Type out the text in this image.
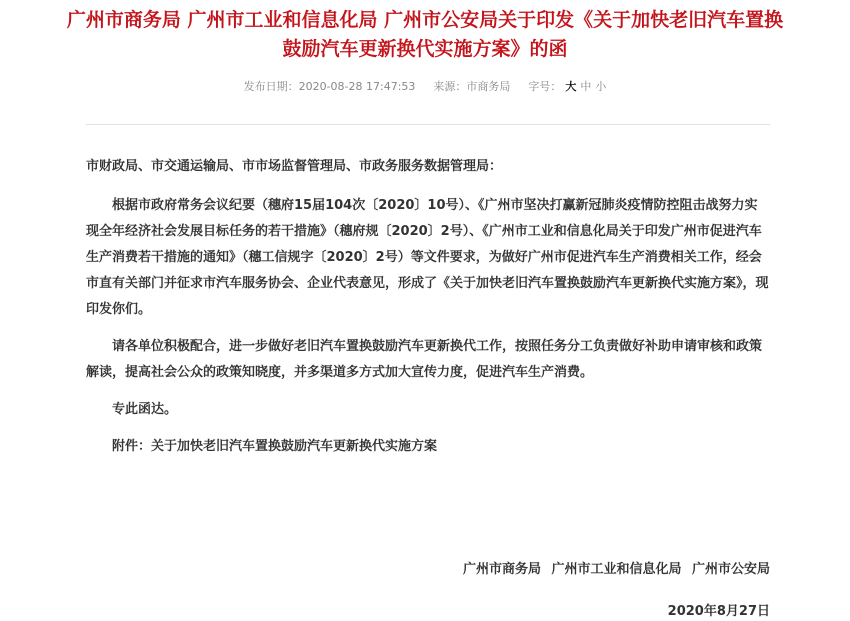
广州市商务局 广州市工业和信息化局 广州市公安局关于印发《关于加快老旧汽车置换鼓励汽车更新换代实施方案》的函
发布日期：2020-08-28 17:47:53 来源：市商务局 字号： 大 中 小

市财政局、市交通运输局、市市场监督管理局、市政务服务数据管理局：

根据市政府常务会议纪要（穗府15届104次〔2020〕10号）、《广州市坚决打赢新冠肺炎疫情防控阻击战努力实现全年经济社会发展目标任务的若干措施》（穗府规〔2020〕2号）、《广州市工业和信息化局关于印发广州市促进汽车生产消费若干措施的通知》（穗工信规字〔2020〕2号）等文件要求，为做好广州市促进汽车生产消费相关工作，经会市直有关部门并征求市汽车服务协会、企业代表意见，形成了《关于加快老旧汽车置换鼓励汽车更新换代实施方案》，现印发你们。

请各单位积极配合，进一步做好老旧汽车置换鼓励汽车更新换代工作，按照任务分工负责做好补助申请审核和政策解读，提高社会公众的政策知晓度，并多渠道多方式加大宣传力度，促进汽车生产消费。

专此函达。

附件：关于加快老旧汽车置换鼓励汽车更新换代实施方案

广州市商务局 广州市工业和信息化局 广州市公安局
2020年8月27日
